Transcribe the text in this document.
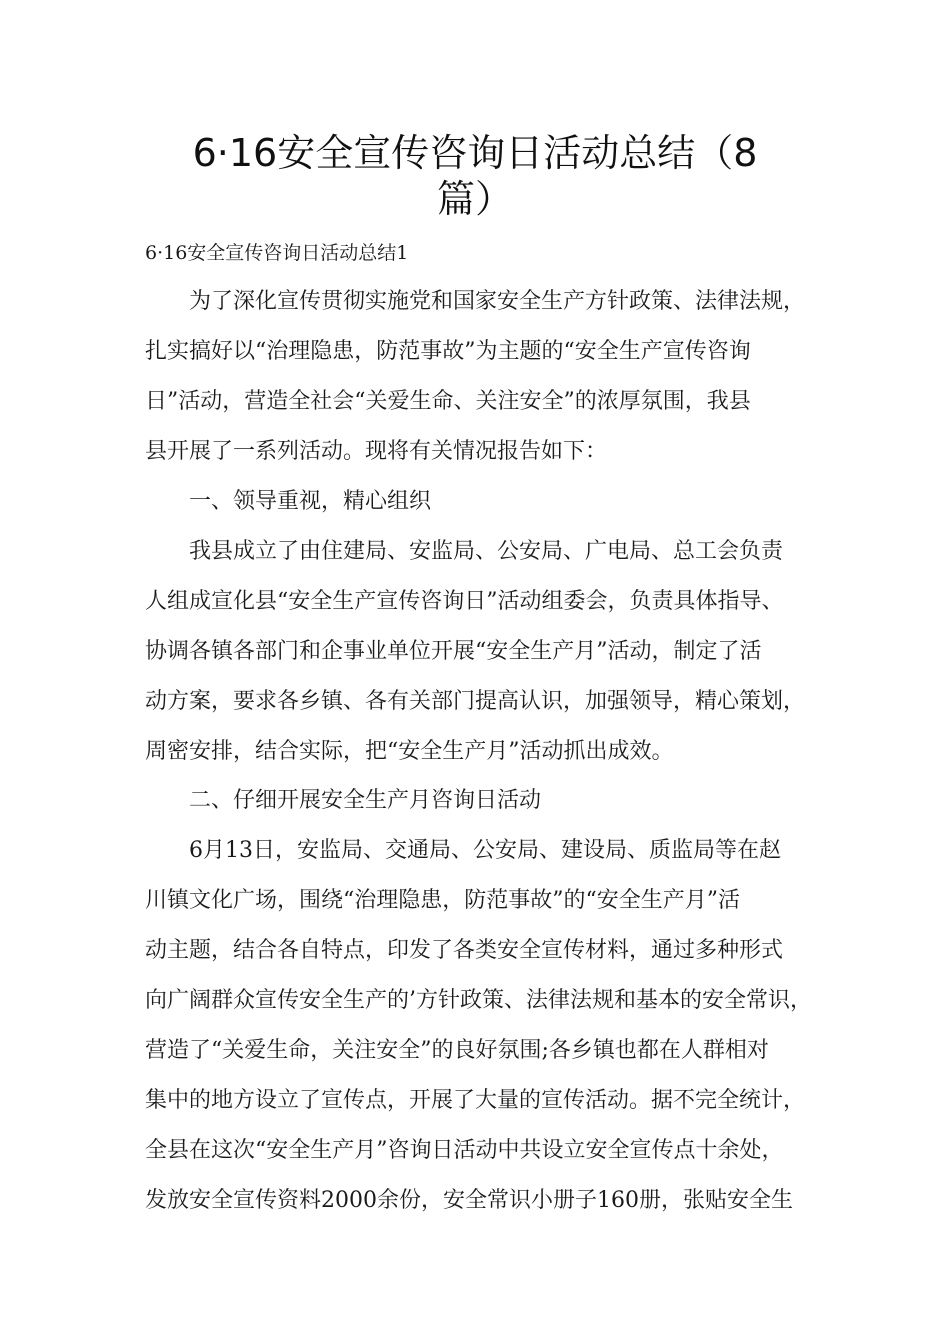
6·16安全宣传咨询日活动总结（8
篇）

6·16安全宣传咨询日活动总结1

为了深化宣传贯彻实施党和国家安全生产方针政策、法律法规，

扎实搞好以“治理隐患，防范事故”为主题的“安全生产宣传咨询

日”活动，营造全社会“关爱生命、关注安全”的浓厚氛围，我县

县开展了一系列活动。现将有关情况报告如下：

一、领导重视，精心组织

我县成立了由住建局、安监局、公安局、广电局、总工会负责

人组成宣化县“安全生产宣传咨询日”活动组委会，负责具体指导、

协调各镇各部门和企事业单位开展“安全生产月”活动，制定了活

动方案，要求各乡镇、各有关部门提高认识，加强领导，精心策划，

周密安排，结合实际，把“安全生产月”活动抓出成效。

二、仔细开展安全生产月咨询日活动

6月13日，安监局、交通局、公安局、建设局、质监局等在赵

川镇文化广场，围绕“治理隐患，防范事故”的“安全生产月”活

动主题，结合各自特点，印发了各类安全宣传材料，通过多种形式

向广阔群众宣传安全生产的’方针政策、法律法规和基本的安全常识，

营造了“关爱生命，关注安全”的良好氛围;各乡镇也都在人群相对

集中的地方设立了宣传点，开展了大量的宣传活动。据不完全统计，

全县在这次“安全生产月”咨询日活动中共设立安全宣传点十余处，

发放安全宣传资料2000余份，安全常识小册子160册，张贴安全生
